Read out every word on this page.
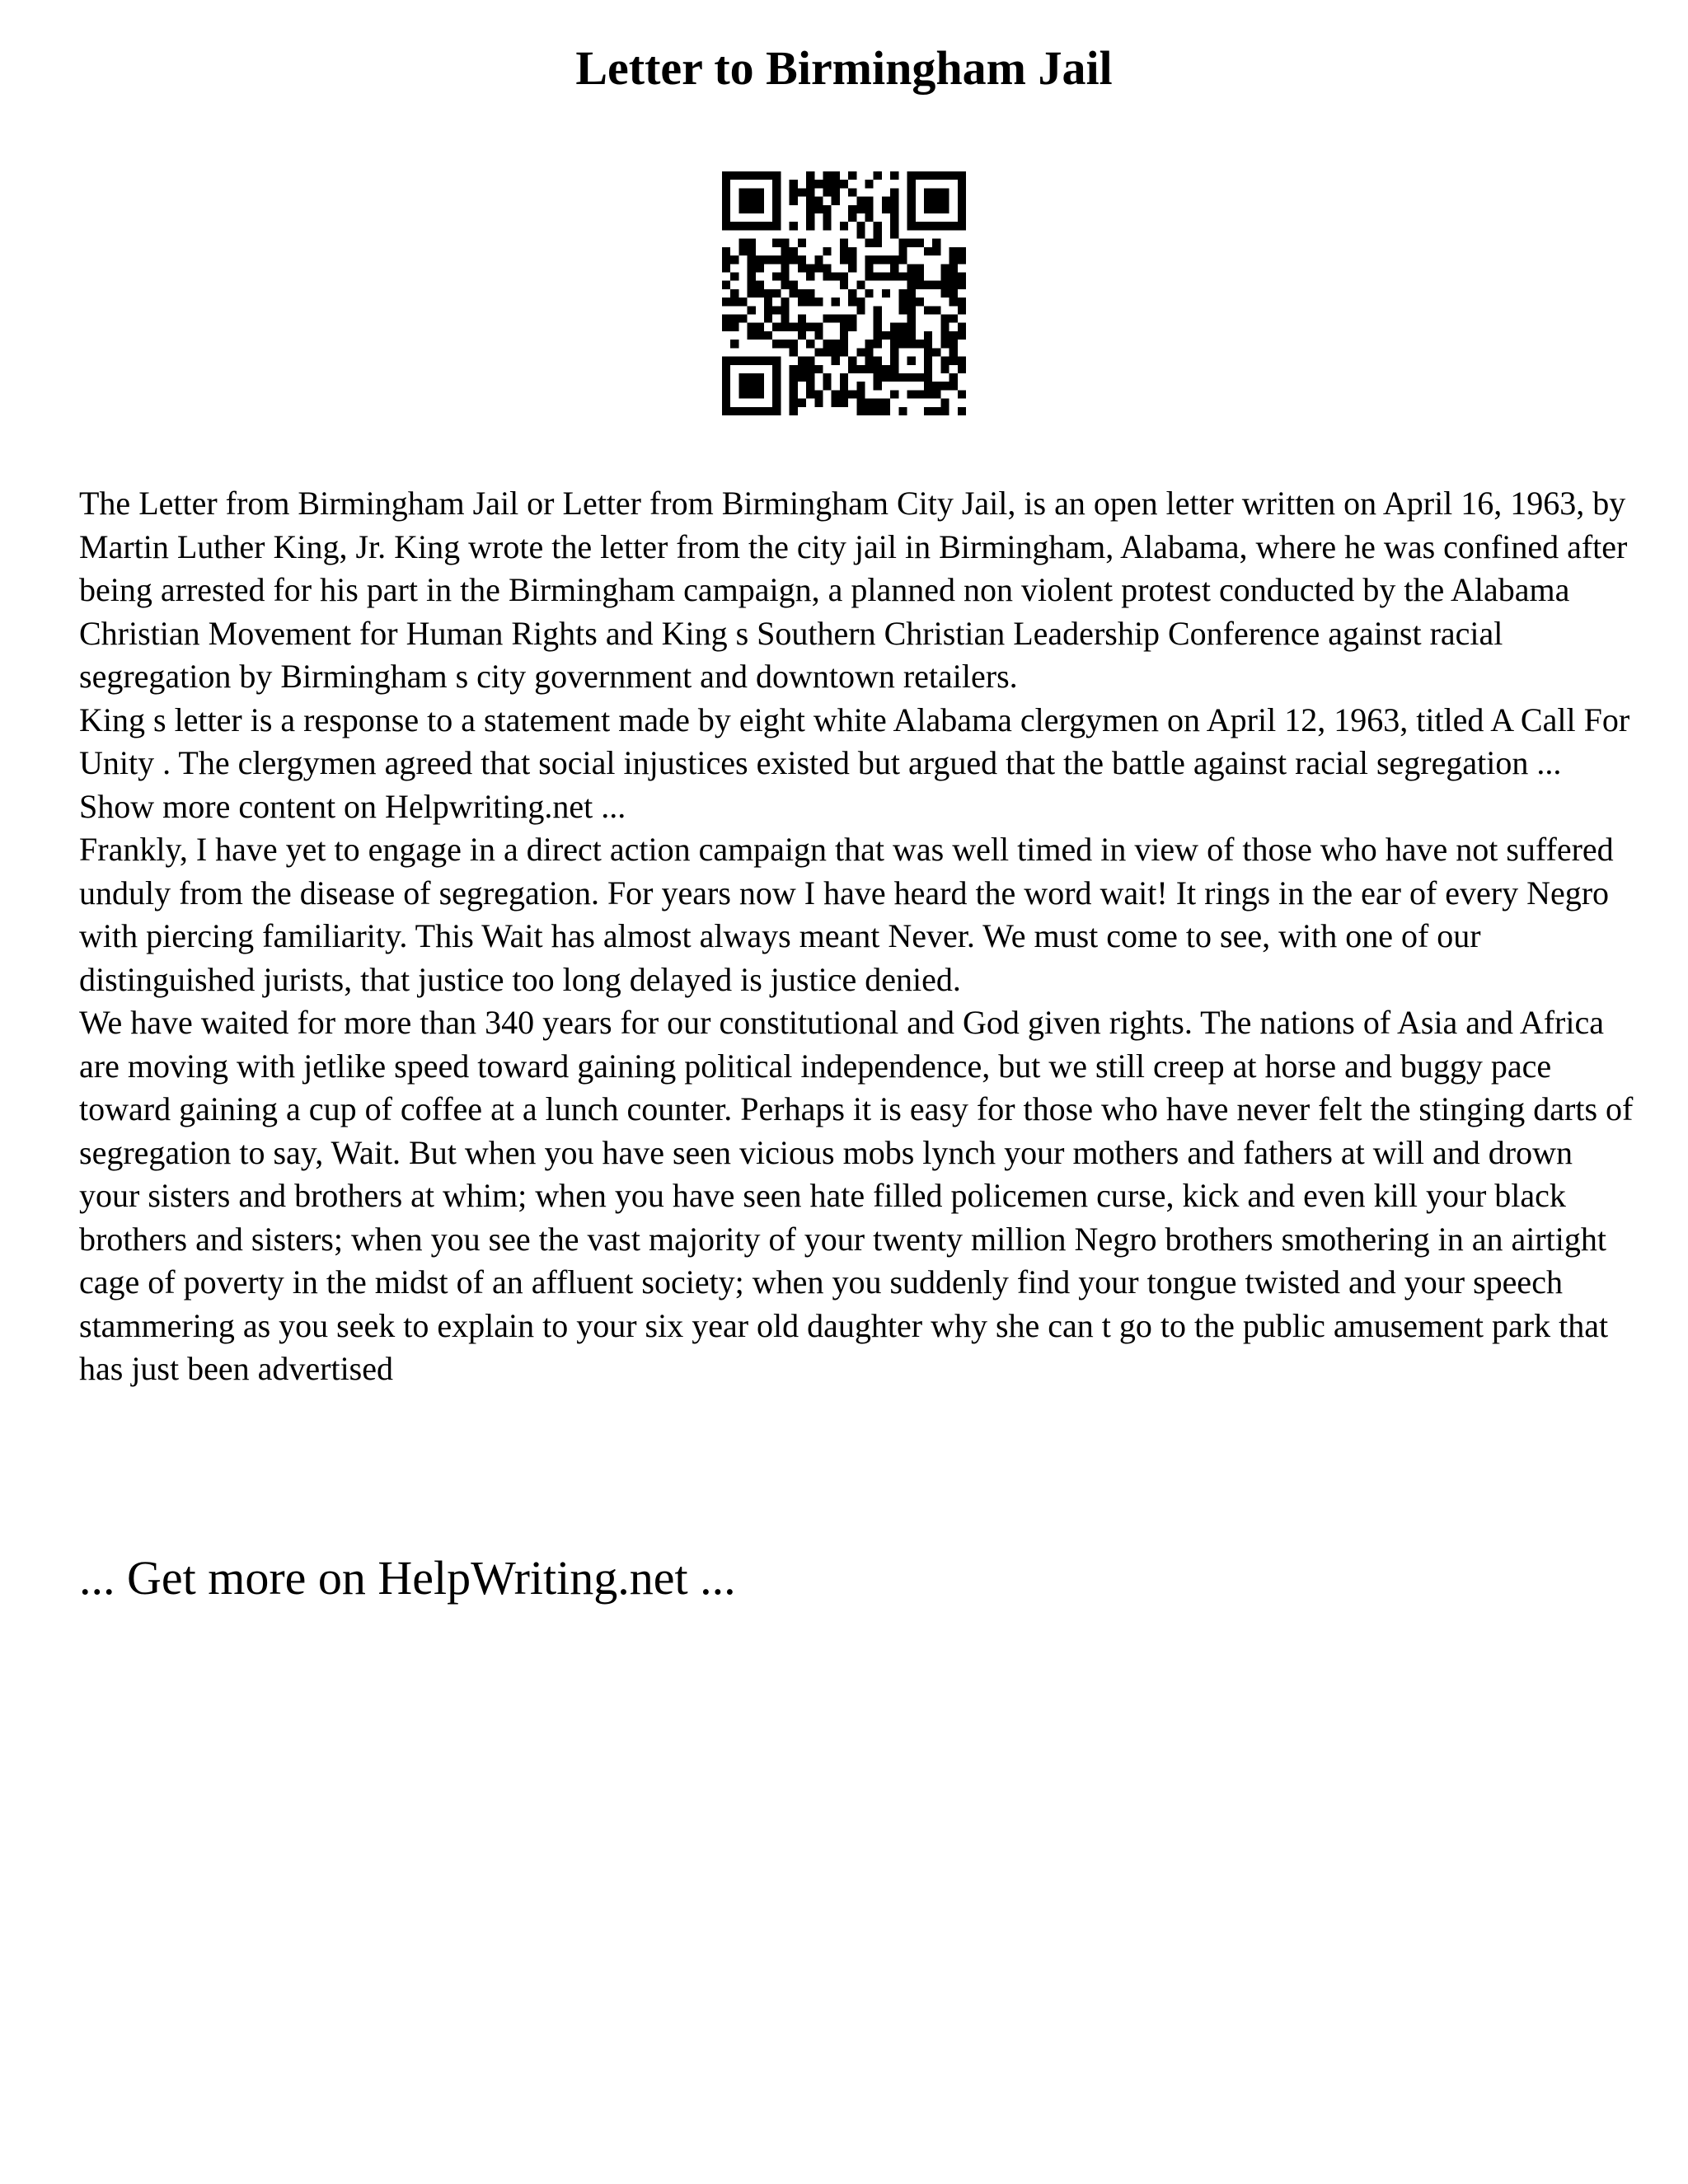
Letter to Birmingham Jail

The Letter from Birmingham Jail or Letter from Birmingham City Jail, is an open letter written on April 16, 1963, by Martin Luther King, Jr. King wrote the letter from the city jail in Birmingham, Alabama, where he was confined after being arrested for his part in the Birmingham campaign, a planned non violent protest conducted by the Alabama Christian Movement for Human Rights and King s Southern Christian Leadership Conference against racial segregation by Birmingham s city government and downtown retailers.

King s letter is a response to a statement made by eight white Alabama clergymen on April 12, 1963, titled A Call For Unity . The clergymen agreed that social injustices existed but argued that the battle against racial segregation ... Show more content on Helpwriting.net ...

Frankly, I have yet to engage in a direct action campaign that was well timed in view of those who have not suffered unduly from the disease of segregation. For years now I have heard the word wait! It rings in the ear of every Negro with piercing familiarity. This Wait has almost always meant Never. We must come to see, with one of our distinguished jurists, that justice too long delayed is justice denied.

We have waited for more than 340 years for our constitutional and God given rights. The nations of Asia and Africa are moving with jetlike speed toward gaining political independence, but we still creep at horse and buggy pace toward gaining a cup of coffee at a lunch counter. Perhaps it is easy for those who have never felt the stinging darts of segregation to say, Wait. But when you have seen vicious mobs lynch your mothers and fathers at will and drown your sisters and brothers at whim; when you have seen hate filled policemen curse, kick and even kill your black brothers and sisters; when you see the vast majority of your twenty million Negro brothers smothering in an airtight cage of poverty in the midst of an affluent society; when you suddenly find your tongue twisted and your speech stammering as you seek to explain to your six year old daughter why she can t go to the public amusement park that has just been advertised

... Get more on HelpWriting.net ...
